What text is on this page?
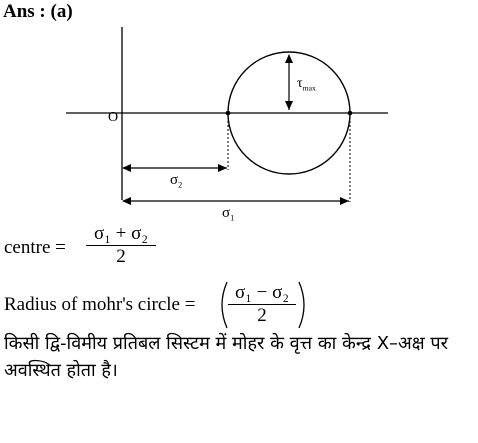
Ans : (a)
O
$\sigma_2$
$\sigma_1$
$\tau_{max}$
centre = $\frac{\text{σ₁ + σ₂}}{2}$
Radius of mohr's circle = $\frac{\text{σ₁ − σ₂}}{2}$
किसी द्वि-विमीय प्रतिबल सिस्टम में मोहर के वृत्त का केन्द्र X–अक्ष पर अवस्थित होता है।
